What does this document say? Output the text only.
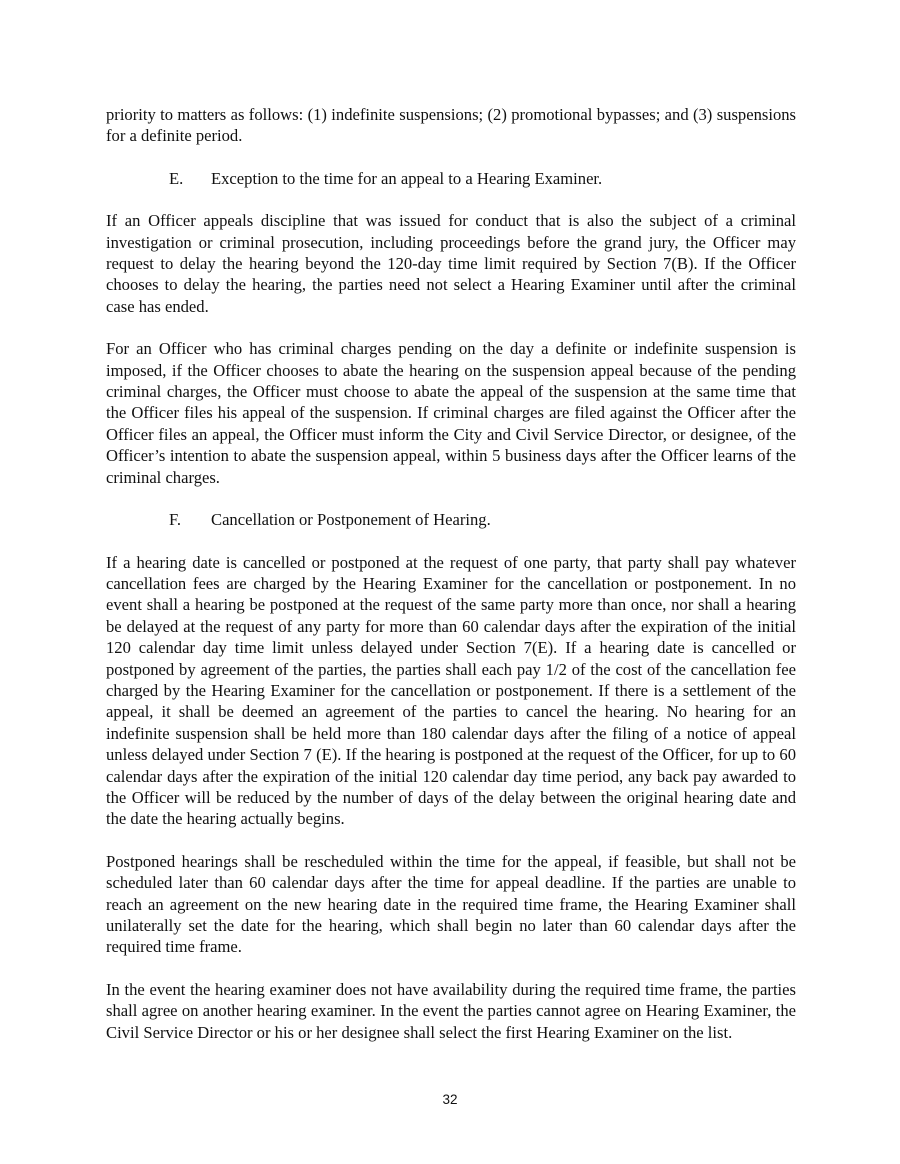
priority to matters as follows: (1) indefinite suspensions; (2) promotional bypasses; and (3) suspensions for a definite period.

E.	Exception to the time for an appeal to a Hearing Examiner.

If an Officer appeals discipline that was issued for conduct that is also the subject of a criminal investigation or criminal prosecution, including proceedings before the grand jury, the Officer may request to delay the hearing beyond the 120-day time limit required by Section 7(B). If the Officer chooses to delay the hearing, the parties need not select a Hearing Examiner until after the criminal case has ended.

For an Officer who has criminal charges pending on the day a definite or indefinite suspension is imposed, if the Officer chooses to abate the hearing on the suspension appeal because of the pending criminal charges, the Officer must choose to abate the appeal of the suspension at the same time that the Officer files his appeal of the suspension. If criminal charges are filed against the Officer after the Officer files an appeal, the Officer must inform the City and Civil Service Director, or designee, of the Officer’s intention to abate the suspension appeal, within 5 business days after the Officer learns of the criminal charges.

F.	Cancellation or Postponement of Hearing.

If a hearing date is cancelled or postponed at the request of one party, that party shall pay whatever cancellation fees are charged by the Hearing Examiner for the cancellation or postponement. In no event shall a hearing be postponed at the request of the same party more than once, nor shall a hearing be delayed at the request of any party for more than 60 calendar days after the expiration of the initial 120 calendar day time limit unless delayed under Section 7(E). If a hearing date is cancelled or postponed by agreement of the parties, the parties shall each pay 1/2 of the cost of the cancellation fee charged by the Hearing Examiner for the cancellation or postponement. If there is a settlement of the appeal, it shall be deemed an agreement of the parties to cancel the hearing. No hearing for an indefinite suspension shall be held more than 180 calendar days after the filing of a notice of appeal unless delayed under Section 7 (E). If the hearing is postponed at the request of the Officer, for up to 60 calendar days after the expiration of the initial 120 calendar day time period, any back pay awarded to the Officer will be reduced by the number of days of the delay between the original hearing date and the date the hearing actually begins.

Postponed hearings shall be rescheduled within the time for the appeal, if feasible, but shall not be scheduled later than 60 calendar days after the time for appeal deadline. If the parties are unable to reach an agreement on the new hearing date in the required time frame, the Hearing Examiner shall unilaterally set the date for the hearing, which shall begin no later than 60 calendar days after the required time frame.

In the event the hearing examiner does not have availability during the required time frame, the parties shall agree on another hearing examiner. In the event the parties cannot agree on Hearing Examiner, the Civil Service Director or his or her designee shall select the first Hearing Examiner on the list.

32
